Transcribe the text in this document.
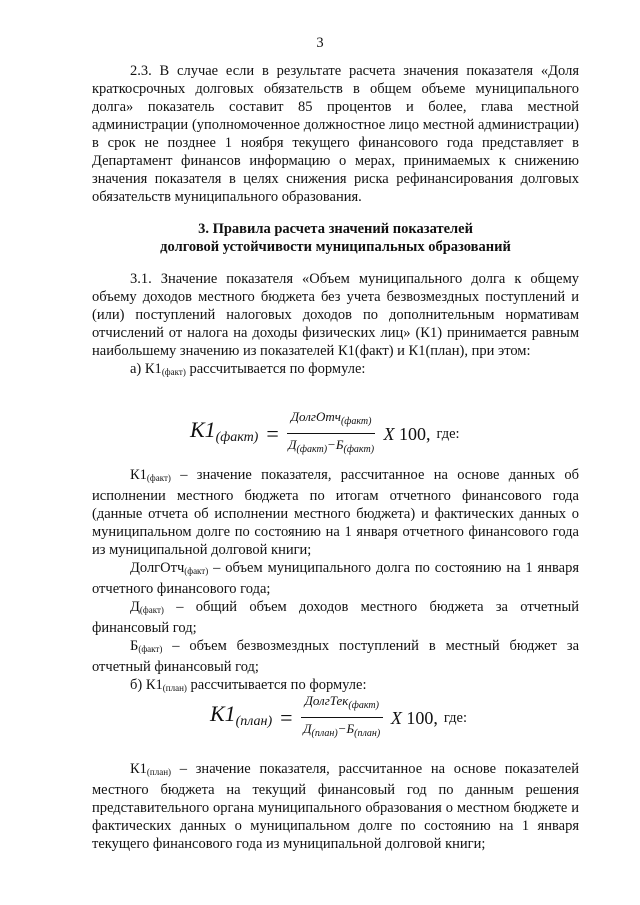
3

2.3. В случае если в результате расчета значения показателя «Доля краткосрочных долговых обязательств в общем объеме муниципального долга» показатель составит 85 процентов и более, глава местной администрации (уполномоченное должностное лицо местной администрации) в срок не позднее 1 ноября текущего финансового года представляет в Департамент финансов информацию о мерах, принимаемых к снижению значения показателя в целях снижения риска рефинансирования долговых обязательств муниципального образования.

3. Правила расчета значений показателей
долговой устойчивости муниципальных образований

3.1. Значение показателя «Объем муниципального долга к общему объему доходов местного бюджета без учета безвозмездных поступлений и (или) поступлений налоговых доходов по дополнительным нормативам отчислений от налога на доходы физических лиц» (К1) принимается равным наибольшему значению из показателей К1(факт) и К1(план), при этом:

а) $К1_{(факт)}$ рассчитывается по формуле:

$К1_{(факт)} = \frac{ДолгОтч_{(факт)}}{Д_{(факт)}-Б_{(факт)}}$ Х 100, где:

$К1_{(факт)}$ – значение показателя, рассчитанное на основе данных об исполнении местного бюджета по итогам отчетного финансового года (данные отчета об исполнении местного бюджета) и фактических данных о муниципальном долге по состоянию на 1 января отчетного финансового года из муниципальной долговой книги;

ДолгОтч$_{(факт)}$ – объем муниципального долга по состоянию на 1 января отчетного финансового года;

$Д_{(факт)}$ – общий объем доходов местного бюджета за отчетный финансовый год;

$Б_{(факт)}$ – объем безвозмездных поступлений в местный бюджет за отчетный финансовый год;

б) $К1_{(план)}$ рассчитывается по формуле:

$К1_{(план)} = \frac{ДолгТек_{(факт)}}{Д_{(план)}-Б_{(план)}}$ Х 100, где:

$К1_{(план)}$ – значение показателя, рассчитанное на основе показателей местного бюджета на текущий финансовый год по данным решения представительного органа муниципального образования о местном бюджете и фактических данных о муниципальном долге по состоянию на 1 января текущего финансового года из муниципальной долговой книги;
